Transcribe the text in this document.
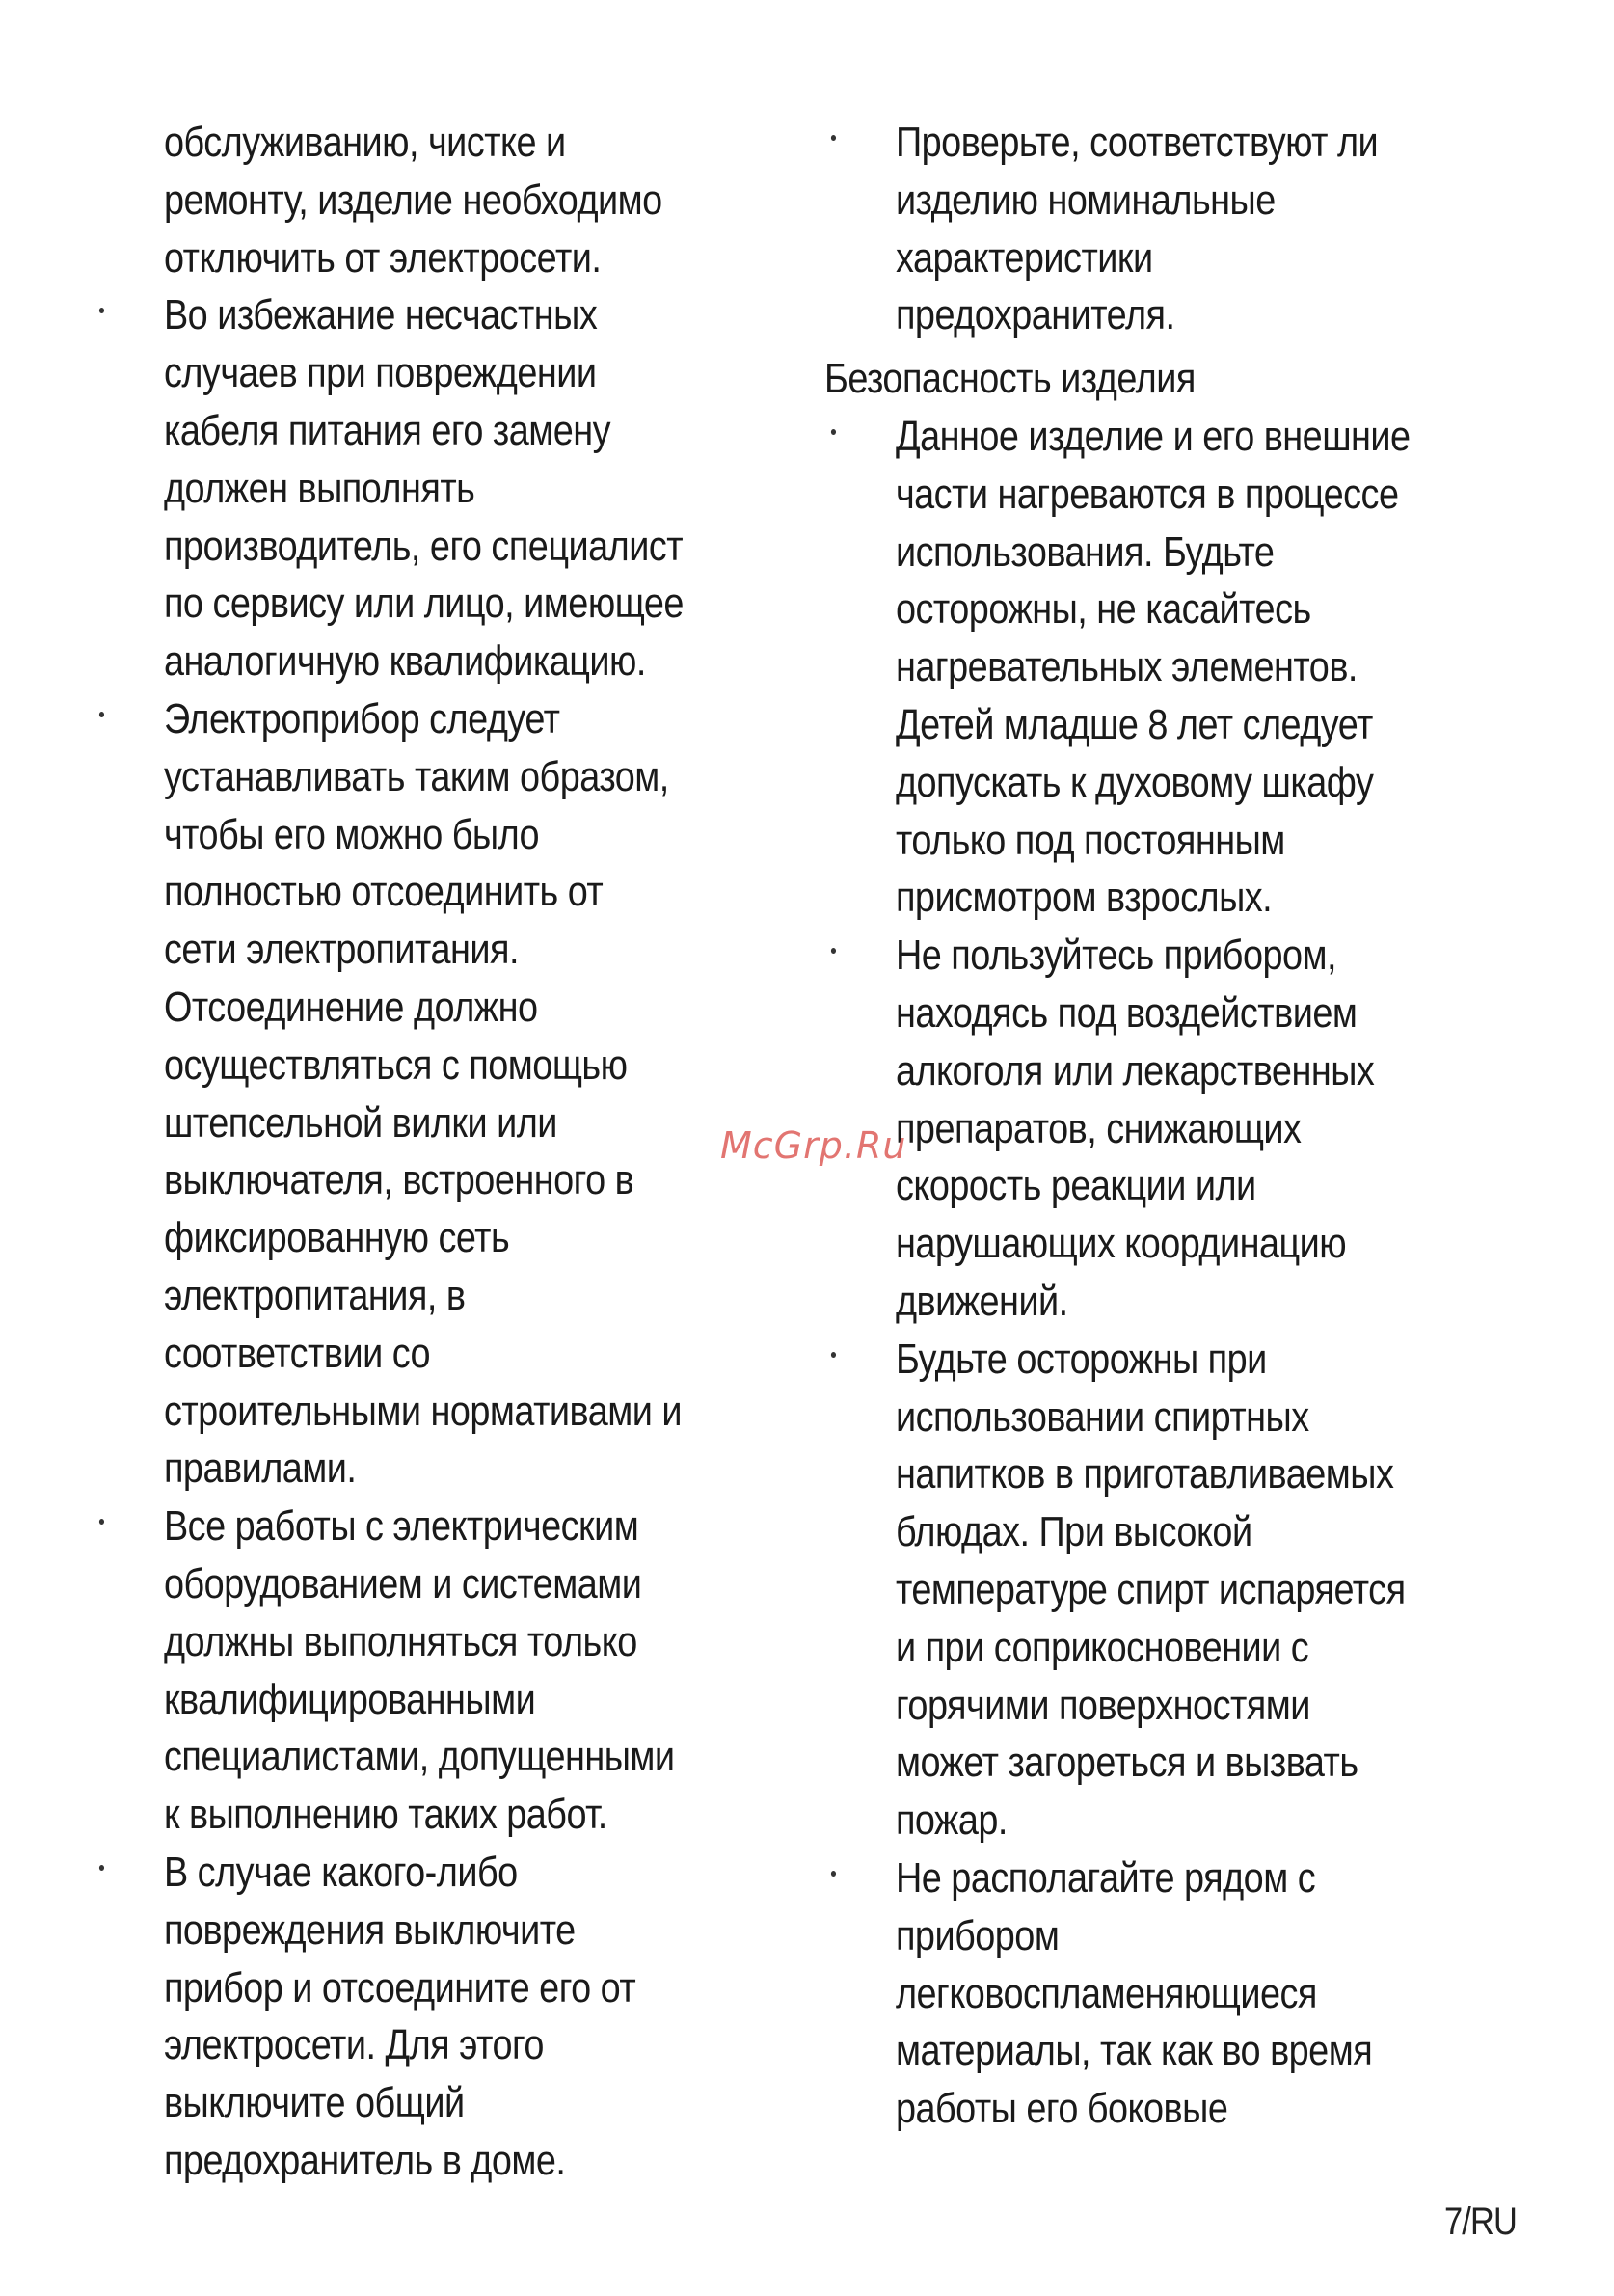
обслуживанию, чистке и
ремонту, изделие необходимо
отключить от электросети.
Во избежание несчастных
случаев при повреждении
кабеля питания его замену
должен выполнять
производитель, его специалист
по сервису или лицо, имеющее
аналогичную квалификацию.
Электроприбор следует
устанавливать таким образом,
чтобы его можно было
полностью отсоединить от
сети электропитания.
Отсоединение должно
осуществляться с помощью
штепсельной вилки или
выключателя, встроенного в
фиксированную сеть
электропитания, в
соответствии со
строительными нормативами и
правилами.
Все работы с электрическим
оборудованием и системами
должны выполняться только
квалифицированными
специалистами, допущенными
к выполнению таких работ.
В случае какого-либо
повреждения выключите
прибор и отсоедините его от
электросети. Для этого
выключите общий
предохранитель в доме.
Проверьте, соответствуют ли
изделию номинальные
характеристики
предохранителя.
Безопасность изделия
Данное изделие и его внешние
части нагреваются в процессе
использования. Будьте
осторожны, не касайтесь
нагревательных элементов.
Детей младше 8 лет следует
допускать к духовому шкафу
только под постоянным
присмотром взрослых.
Не пользуйтесь прибором,
находясь под воздействием
алкоголя или лекарственных
препаратов, снижающих
скорость реакции или
нарушающих координацию
движений.
Будьте осторожны при
использовании спиртных
напитков в приготавливаемых
блюдах. При высокой
температуре спирт испаряется
и при соприкосновении с
горячими поверхностями
может загореться и вызвать
пожар.
Не располагайте рядом с
прибором
легковоспламеняющиеся
материалы, так как во время
работы его боковые
McGrp.Ru
7/RU
